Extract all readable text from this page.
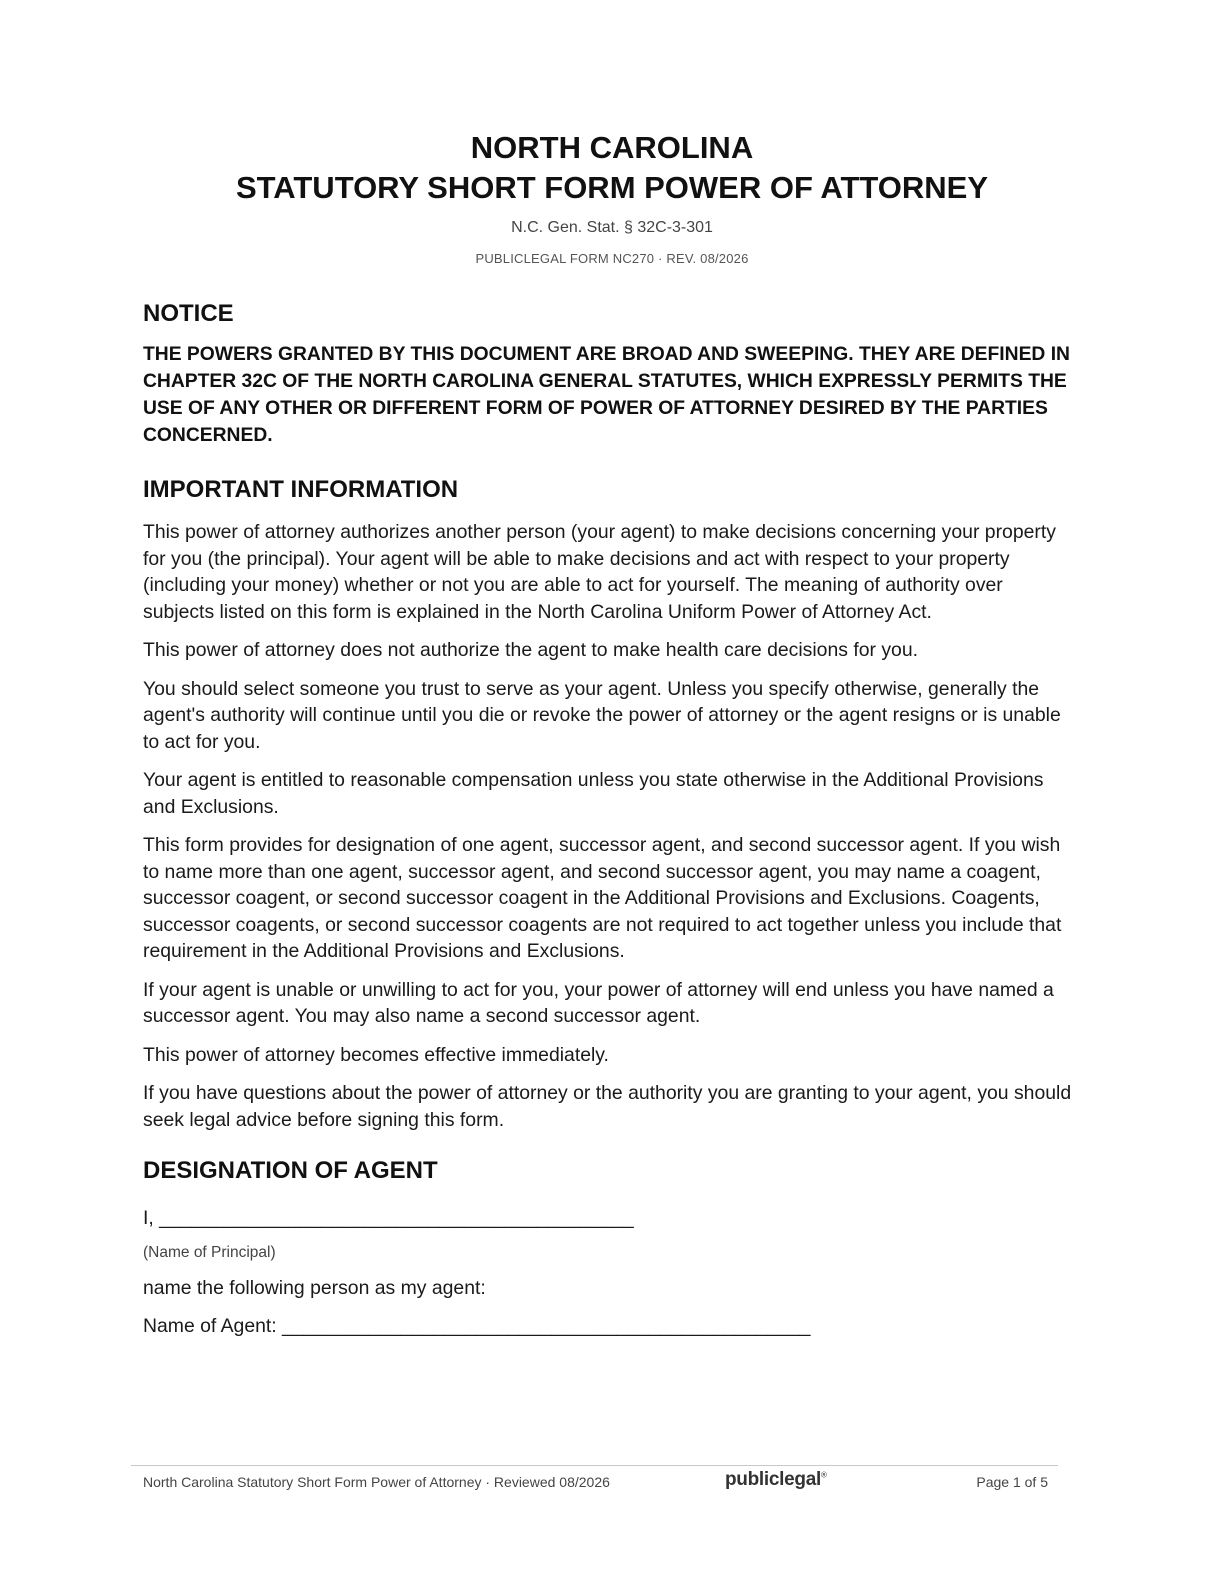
NORTH CAROLINA
STATUTORY SHORT FORM POWER OF ATTORNEY
N.C. Gen. Stat. § 32C-3-301
PUBLICLEGAL FORM NC270 · REV. 08/2026
NOTICE
THE POWERS GRANTED BY THIS DOCUMENT ARE BROAD AND SWEEPING. THEY ARE DEFINED IN CHAPTER 32C OF THE NORTH CAROLINA GENERAL STATUTES, WHICH EXPRESSLY PERMITS THE USE OF ANY OTHER OR DIFFERENT FORM OF POWER OF ATTORNEY DESIRED BY THE PARTIES CONCERNED.
IMPORTANT INFORMATION

This power of attorney authorizes another person (your agent) to make decisions concerning your property for you (the principal). Your agent will be able to make decisions and act with respect to your property (including your money) whether or not you are able to act for yourself. The meaning of authority over subjects listed on this form is explained in the North Carolina Uniform Power of Attorney Act.

This power of attorney does not authorize the agent to make health care decisions for you.

You should select someone you trust to serve as your agent. Unless you specify otherwise, generally the agent's authority will continue until you die or revoke the power of attorney or the agent resigns or is unable to act for you.

Your agent is entitled to reasonable compensation unless you state otherwise in the Additional Provisions and Exclusions.

This form provides for designation of one agent, successor agent, and second successor agent. If you wish to name more than one agent, successor agent, and second successor agent, you may name a coagent, successor coagent, or second successor coagent in the Additional Provisions and Exclusions. Coagents, successor coagents, or second successor coagents are not required to act together unless you include that requirement in the Additional Provisions and Exclusions.

If your agent is unable or unwilling to act for you, your power of attorney will end unless you have named a successor agent. You may also name a second successor agent.

This power of attorney becomes effective immediately.

If you have questions about the power of attorney or the authority you are granting to your agent, you should seek legal advice before signing this form.

DESIGNATION OF AGENT
I, ____________________________________________
(Name of Principal)
name the following person as my agent:
Name of Agent: _________________________________________________
North Carolina Statutory Short Form Power of Attorney · Reviewed 08/2026	publiclegal®	Page 1 of 5
